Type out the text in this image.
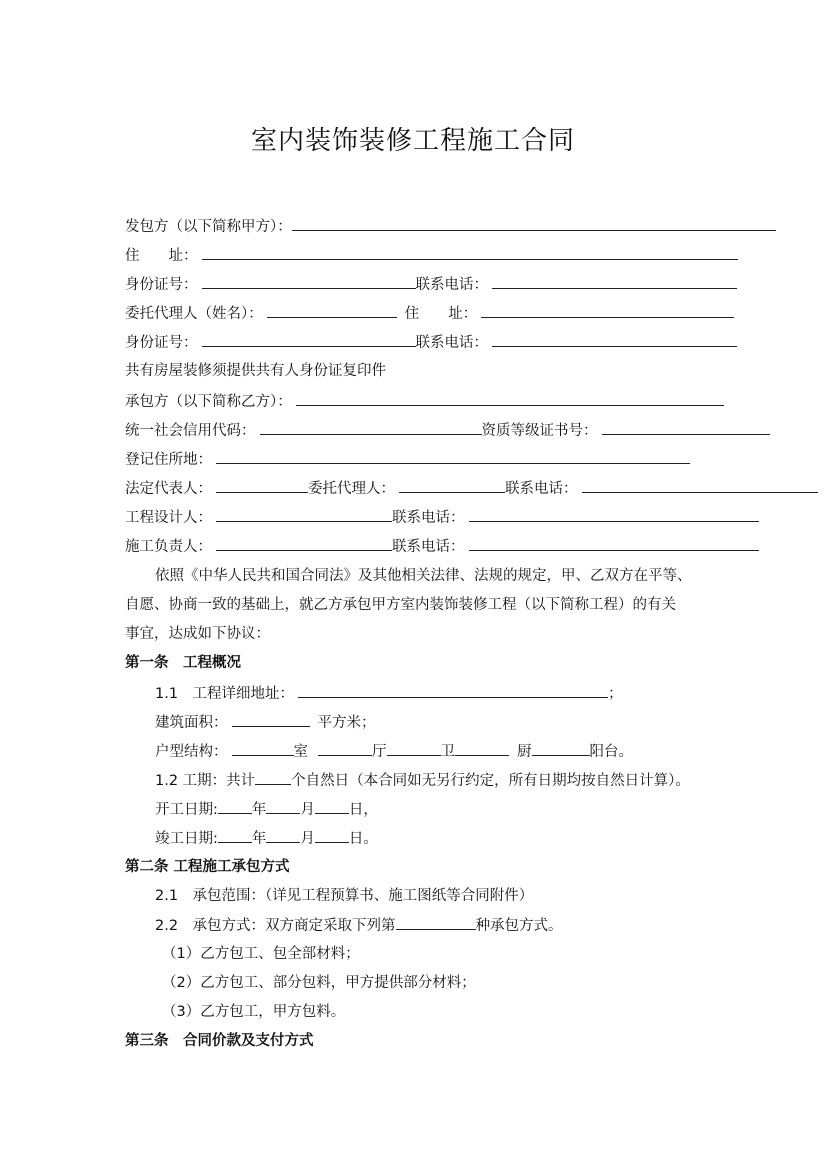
室内装饰装修工程施工合同
发包方（以下简称甲方）：
住　　址：
身份证号：	联系电话：
委托代理人（姓名）：	住　　址：
身份证号：	联系电话：
共有房屋装修须提供共有人身份证复印件
承包方（以下简称乙方）：
统一社会信用代码：	资质等级证书号：
登记住所地：
法定代表人：	委托代理人：	联系电话：
工程设计人：	联系电话：
施工负责人：	联系电话：
依照《中华人民共和国合同法》及其他相关法律、法规的规定，甲、乙双方在平等、
自愿、协商一致的基础上，就乙方承包甲方室内装饰装修工程（以下简称工程）的有关
事宜，达成如下协议：
第一条　工程概况
1.1　工程详细地址：	；
建筑面积：	平方米；
户型结构：	室	厅	卫	厨	阳台。
1.2 工期：共计 个自然日（本合同如无另行约定，所有日期均按自然日计算）。
开工日期: 年 月 日，
竣工日期: 年 月 日。
第二条 工程施工承包方式
2.1　承包范围：（详见工程预算书、施工图纸等合同附件）
2.2　承包方式：双方商定采取下列第	种承包方式。
（1）乙方包工、包全部材料；
（2）乙方包工、部分包料，甲方提供部分材料；
（3）乙方包工，甲方包料。
第三条　合同价款及支付方式
